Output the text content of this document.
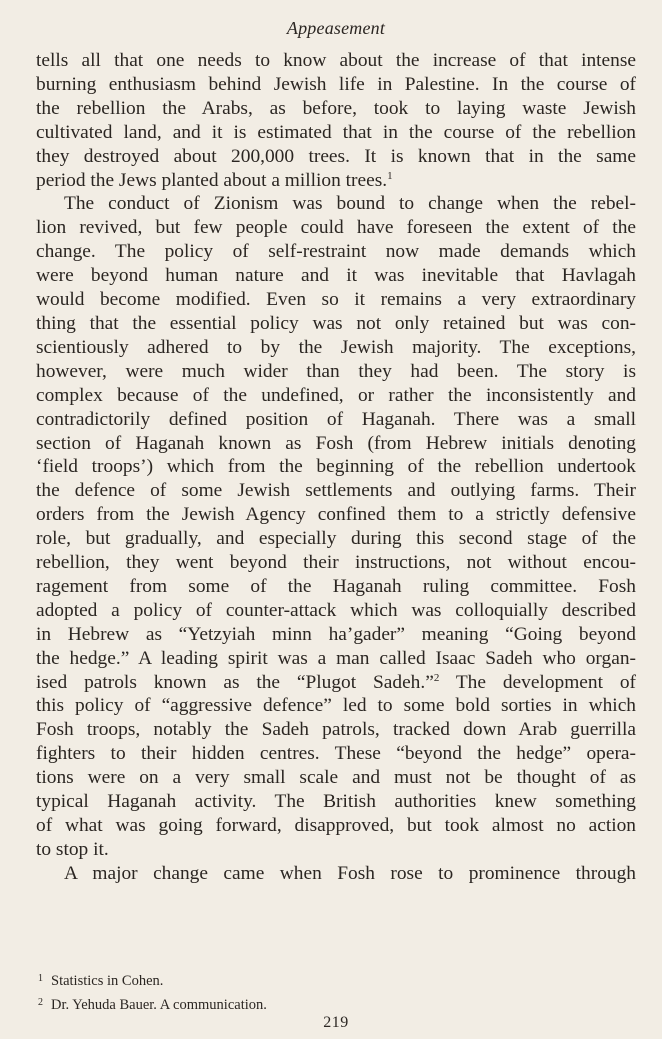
Appeasement
tells all that one needs to know about the increase of that intense
burning enthusiasm behind Jewish life in Palestine. In the course of
the rebellion the Arabs, as before, took to laying waste Jewish
cultivated land, and it is estimated that in the course of the rebellion
they destroyed about 200,000 trees. It is known that in the same
period the Jews planted about a million trees.$^1$
The conduct of Zionism was bound to change when the rebel-
lion revived, but few people could have foreseen the extent of the
change. The policy of self-restraint now made demands which
were beyond human nature and it was inevitable that Havlagah
would become modified. Even so it remains a very extraordinary
thing that the essential policy was not only retained but was con-
scientiously adhered to by the Jewish majority. The exceptions,
however, were much wider than they had been. The story is
complex because of the undefined, or rather the inconsistently and
contradictorily defined position of Haganah. There was a small
section of Haganah known as Fosh (from Hebrew initials denoting
‘field troops’) which from the beginning of the rebellion undertook
the defence of some Jewish settlements and outlying farms. Their
orders from the Jewish Agency confined them to a strictly defensive
role, but gradually, and especially during this second stage of the
rebellion, they went beyond their instructions, not without encou-
ragement from some of the Haganah ruling committee. Fosh
adopted a policy of counter-attack which was colloquially described
in Hebrew as “Yetzyiah minn ha’gader” meaning “Going beyond
the hedge.” A leading spirit was a man called Isaac Sadeh who organ-
ised patrols known as the “Plugot Sadeh.”$^2$ The development of
this policy of “aggressive defence” led to some bold sorties in which
Fosh troops, notably the Sadeh patrols, tracked down Arab guerrilla
fighters to their hidden centres. These “beyond the hedge” opera-
tions were on a very small scale and must not be thought of as
typical Haganah activity. The British authorities knew something
of what was going forward, disapproved, but took almost no action
to stop it.
A major change came when Fosh rose to prominence through
$^1$ Statistics in Cohen.
$^2$ Dr. Yehuda Bauer. A communication.
219
